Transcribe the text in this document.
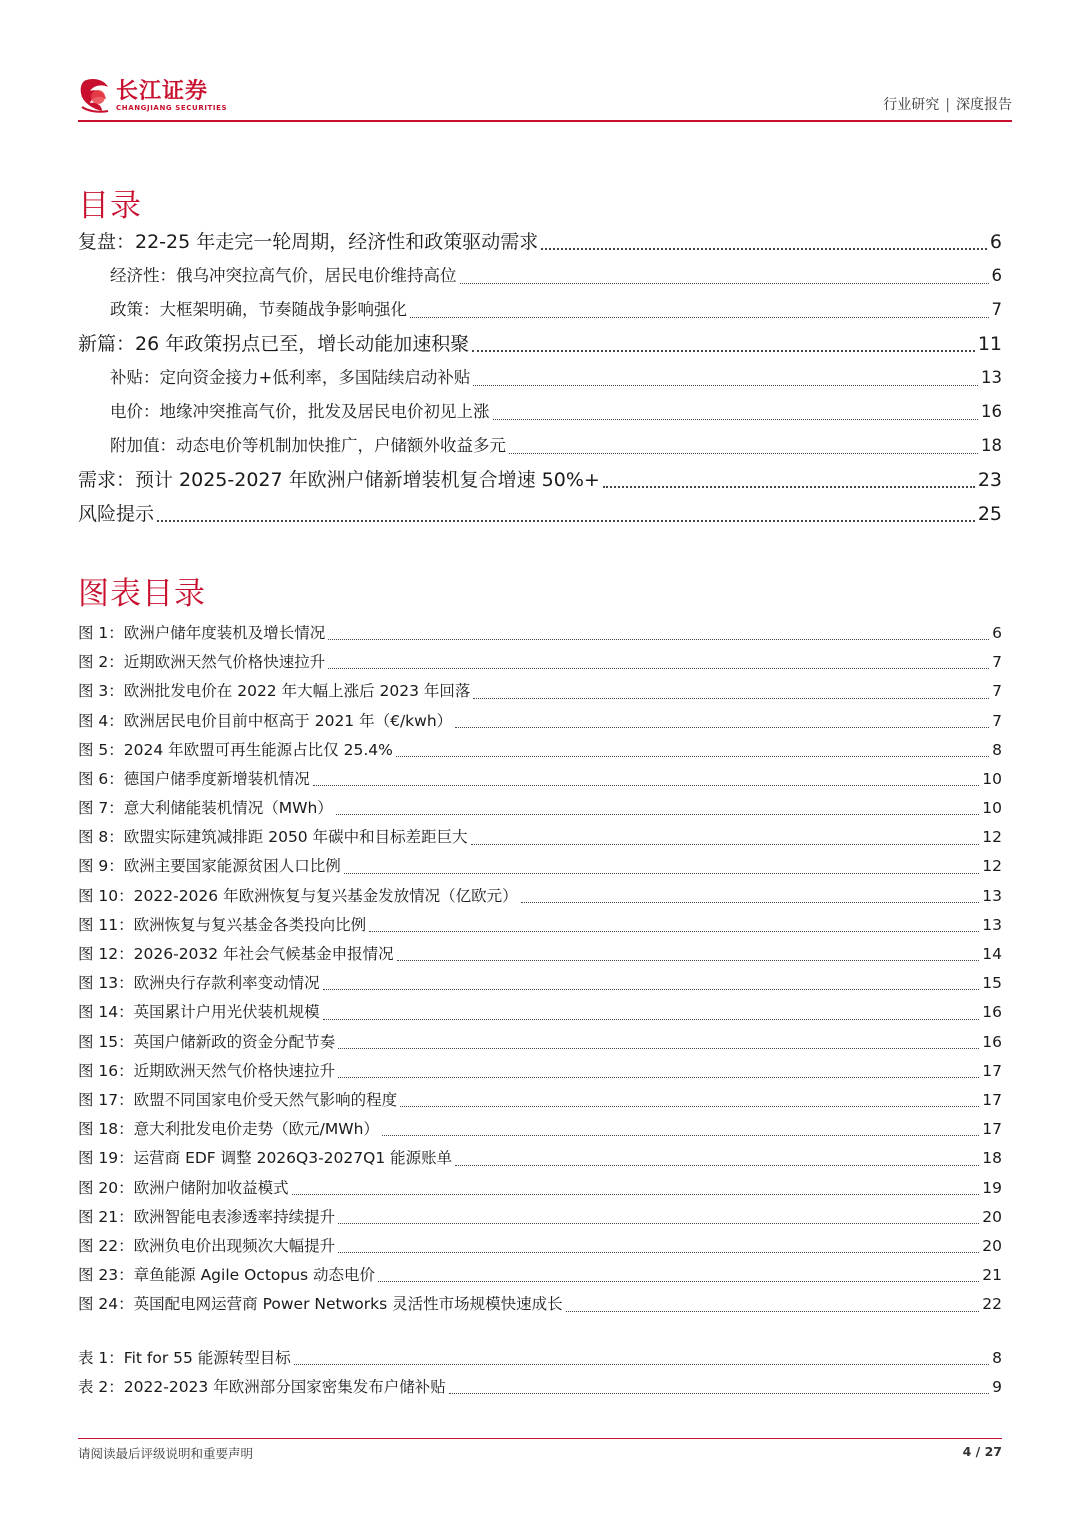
长江证券
CHANGJIANG SECURITIES	行业研究 | 深度报告
目录
复盘：22-25 年走完一轮周期，经济性和政策驱动需求	6
经济性：俄乌冲突拉高气价，居民电价维持高位	6
政策：大框架明确，节奏随战争影响强化	7
新篇：26 年政策拐点已至，增长动能加速积聚	11
补贴：定向资金接力+低利率，多国陆续启动补贴	13
电价：地缘冲突推高气价，批发及居民电价初见上涨	16
附加值：动态电价等机制加快推广，户储额外收益多元	18
需求：预计 2025-2027 年欧洲户储新增装机复合增速 50%+	23
风险提示	25
图表目录
图 1：欧洲户储年度装机及增长情况	6
图 2：近期欧洲天然气价格快速拉升	7
图 3：欧洲批发电价在 2022 年大幅上涨后 2023 年回落	7
图 4：欧洲居民电价目前中枢高于 2021 年（€/kwh）	7
图 5：2024 年欧盟可再生能源占比仅 25.4%	8
图 6：德国户储季度新增装机情况	10
图 7：意大利储能装机情况（MWh）	10
图 8：欧盟实际建筑减排距 2050 年碳中和目标差距巨大	12
图 9：欧洲主要国家能源贫困人口比例	12
图 10：2022-2026 年欧洲恢复与复兴基金发放情况（亿欧元）	13
图 11：欧洲恢复与复兴基金各类投向比例	13
图 12：2026-2032 年社会气候基金申报情况	14
图 13：欧洲央行存款利率变动情况	15
图 14：英国累计户用光伏装机规模	16
图 15：英国户储新政的资金分配节奏	16
图 16：近期欧洲天然气价格快速拉升	17
图 17：欧盟不同国家电价受天然气影响的程度	17
图 18：意大利批发电价走势（欧元/MWh）	17
图 19：运营商 EDF 调整 2026Q3-2027Q1 能源账单	18
图 20：欧洲户储附加收益模式	19
图 21：欧洲智能电表渗透率持续提升	20
图 22：欧洲负电价出现频次大幅提升	20
图 23：章鱼能源 Agile Octopus 动态电价	21
图 24：英国配电网运营商 Power Networks 灵活性市场规模快速成长	22
表 1：Fit for 55 能源转型目标	8
表 2：2022-2023 年欧洲部分国家密集发布户储补贴	9
请阅读最后评级说明和重要声明	4 / 27
